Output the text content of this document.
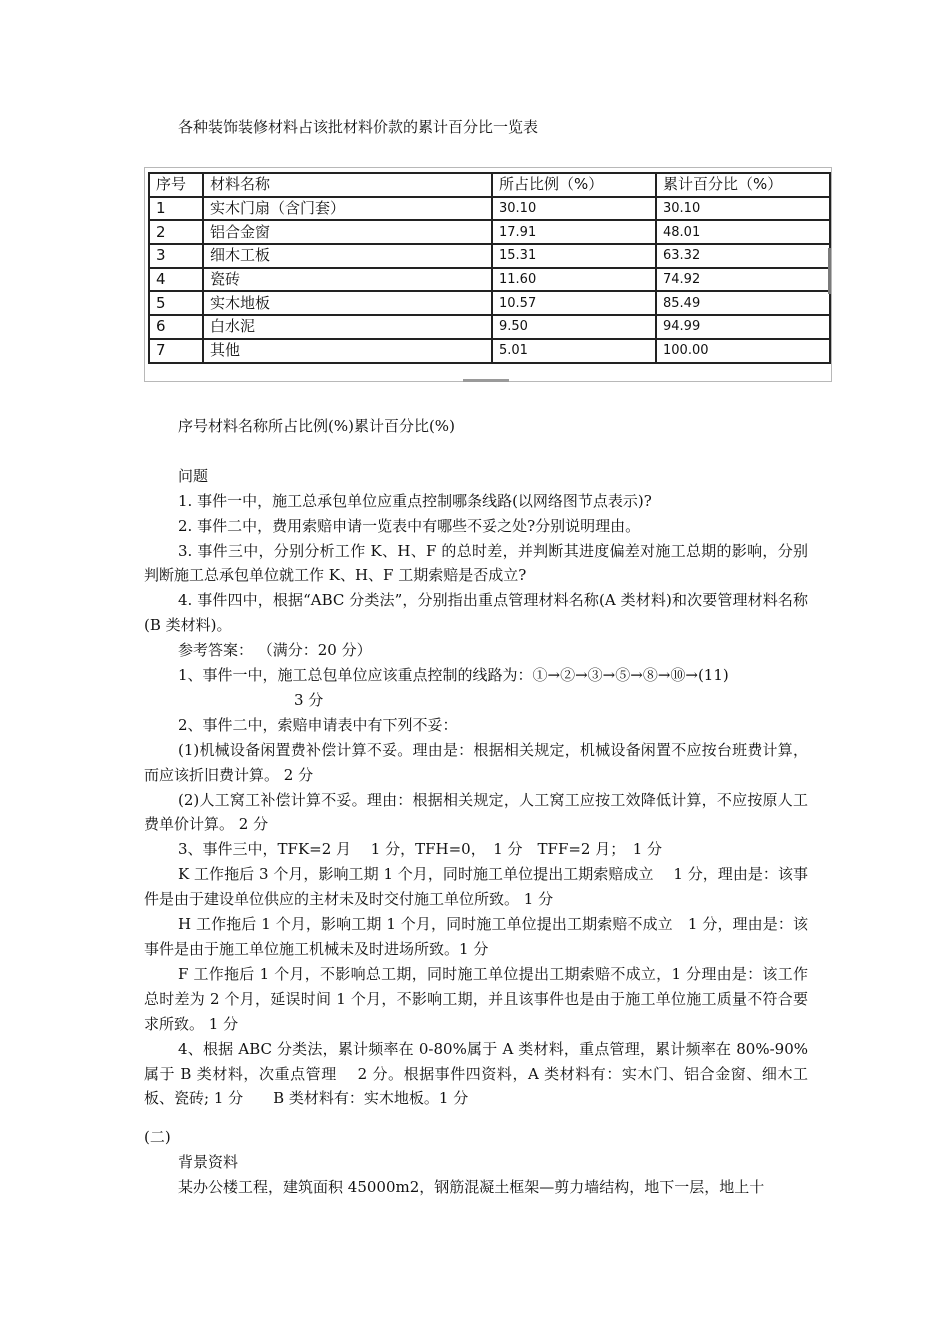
各种装饰装修材料占该批材料价款的累计百分比一览表
序号	材料名称	所占比例（%）	累计百分比（%）
1	实木门扇（含门套）	30.10	30.10
2	铝合金窗	17.91	48.01
3	细木工板	15.31	63.32
4	瓷砖	11.60	74.92
5	实木地板	10.57	85.49
6	白水泥	9.50	94.99
7	其他	5.01	100.00

序号材料名称所占比例(%)累计百分比(%)

问题

1. 事件一中，施工总承包单位应重点控制哪条线路(以网络图节点表示)?

2. 事件二中，费用索赔申请一览表中有哪些不妥之处?分别说明理由。

3. 事件三中，分别分析工作 K、H、F 的总时差，并判断其进度偏差对施工总期的影响，分别判断施工总承包单位就工作 K、H、F 工期索赔是否成立?

4. 事件四中，根据“ABC 分类法”，分别指出重点管理材料名称(A 类材料)和次要管理材料名称(B 类材料)。

参考答案： （满分：20 分）

1、事件一中，施工总包单位应该重点控制的线路为：①→②→③→⑤→⑧→⑩→(11)

3 分

2、事件二中，索赔申请表中有下列不妥：

(1)机械设备闲置费补偿计算不妥。理由是：根据相关规定，机械设备闲置不应按台班费计算，而应该折旧费计算。 2 分

(2)人工窝工补偿计算不妥。理由：根据相关规定，人工窝工应按工效降低计算，不应按原人工费单价计算。 2 分

3、事件三中，TFK=2 月　 1 分，TFH=0，　1 分　TFF=2 月；　1 分

K 工作拖后 3 个月，影响工期 1 个月，同时施工单位提出工期索赔成立　 1 分，理由是：该事件是由于建设单位供应的主材未及时交付施工单位所致。 1 分

H 工作拖后 1 个月，影响工期 1 个月，同时施工单位提出工期索赔不成立　1 分，理由是：该事件是由于施工单位施工机械未及时进场所致。1 分

F 工作拖后 1 个月，不影响总工期，同时施工单位提出工期索赔不成立，1 分理由是：该工作总时差为 2 个月，延误时间 1 个月，不影响工期，并且该事件也是由于施工单位施工质量不符合要求所致。 1 分

4、根据 ABC 分类法，累计频率在 0-80%属于 A 类材料，重点管理，累计频率在 80%-90%属于 B 类材料，次重点管理　 2 分。根据事件四资料，A 类材料有：实木门、铝合金窗、细木工板、瓷砖; 1 分　　B 类材料有：实木地板。1 分

(二)

背景资料

某办公楼工程，建筑面积 45000m2，钢筋混凝土框架—剪力墙结构，地下一层，地上十
